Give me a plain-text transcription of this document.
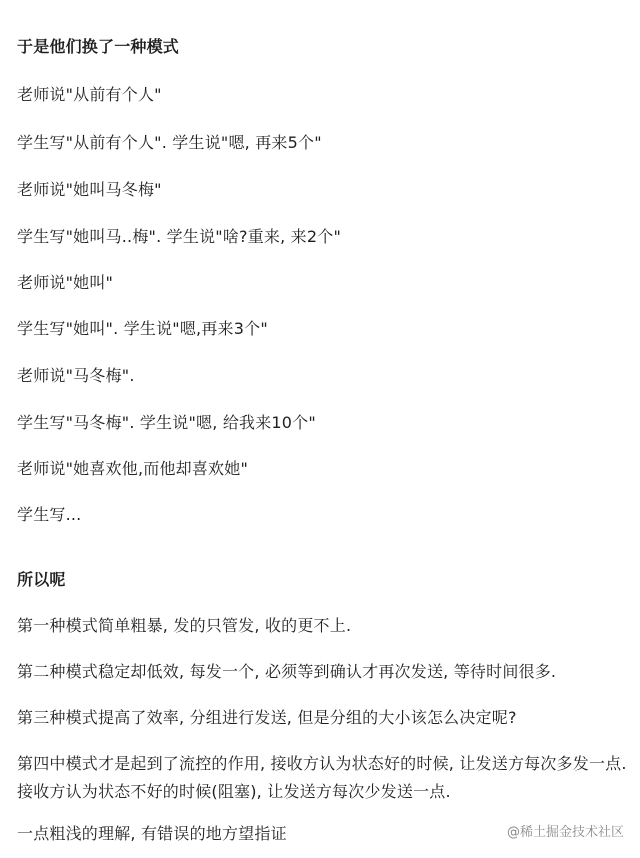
于是他们换了一种模式
老师说"从前有个人"
学生写"从前有个人". 学生说"嗯, 再来5个"
老师说"她叫马冬梅"
学生写"她叫马..梅". 学生说"啥?重来, 来2个"
老师说"她叫"
学生写"她叫". 学生说"嗯,再来3个"
老师说"马冬梅".
学生写"马冬梅". 学生说"嗯, 给我来10个"
老师说"她喜欢他,而他却喜欢她"
学生写...
所以呢
第一种模式简单粗暴, 发的只管发, 收的更不上.
第二种模式稳定却低效, 每发一个, 必须等到确认才再次发送, 等待时间很多.
第三种模式提高了效率, 分组进行发送, 但是分组的大小该怎么决定呢?
第四中模式才是起到了流控的作用, 接收方认为状态好的时候, 让发送方每次多发一点. 接收方认为状态不好的时候(阻塞), 让发送方每次少发送一点.
一点粗浅的理解, 有错误的地方望指证	@稀土掘金技术社区
